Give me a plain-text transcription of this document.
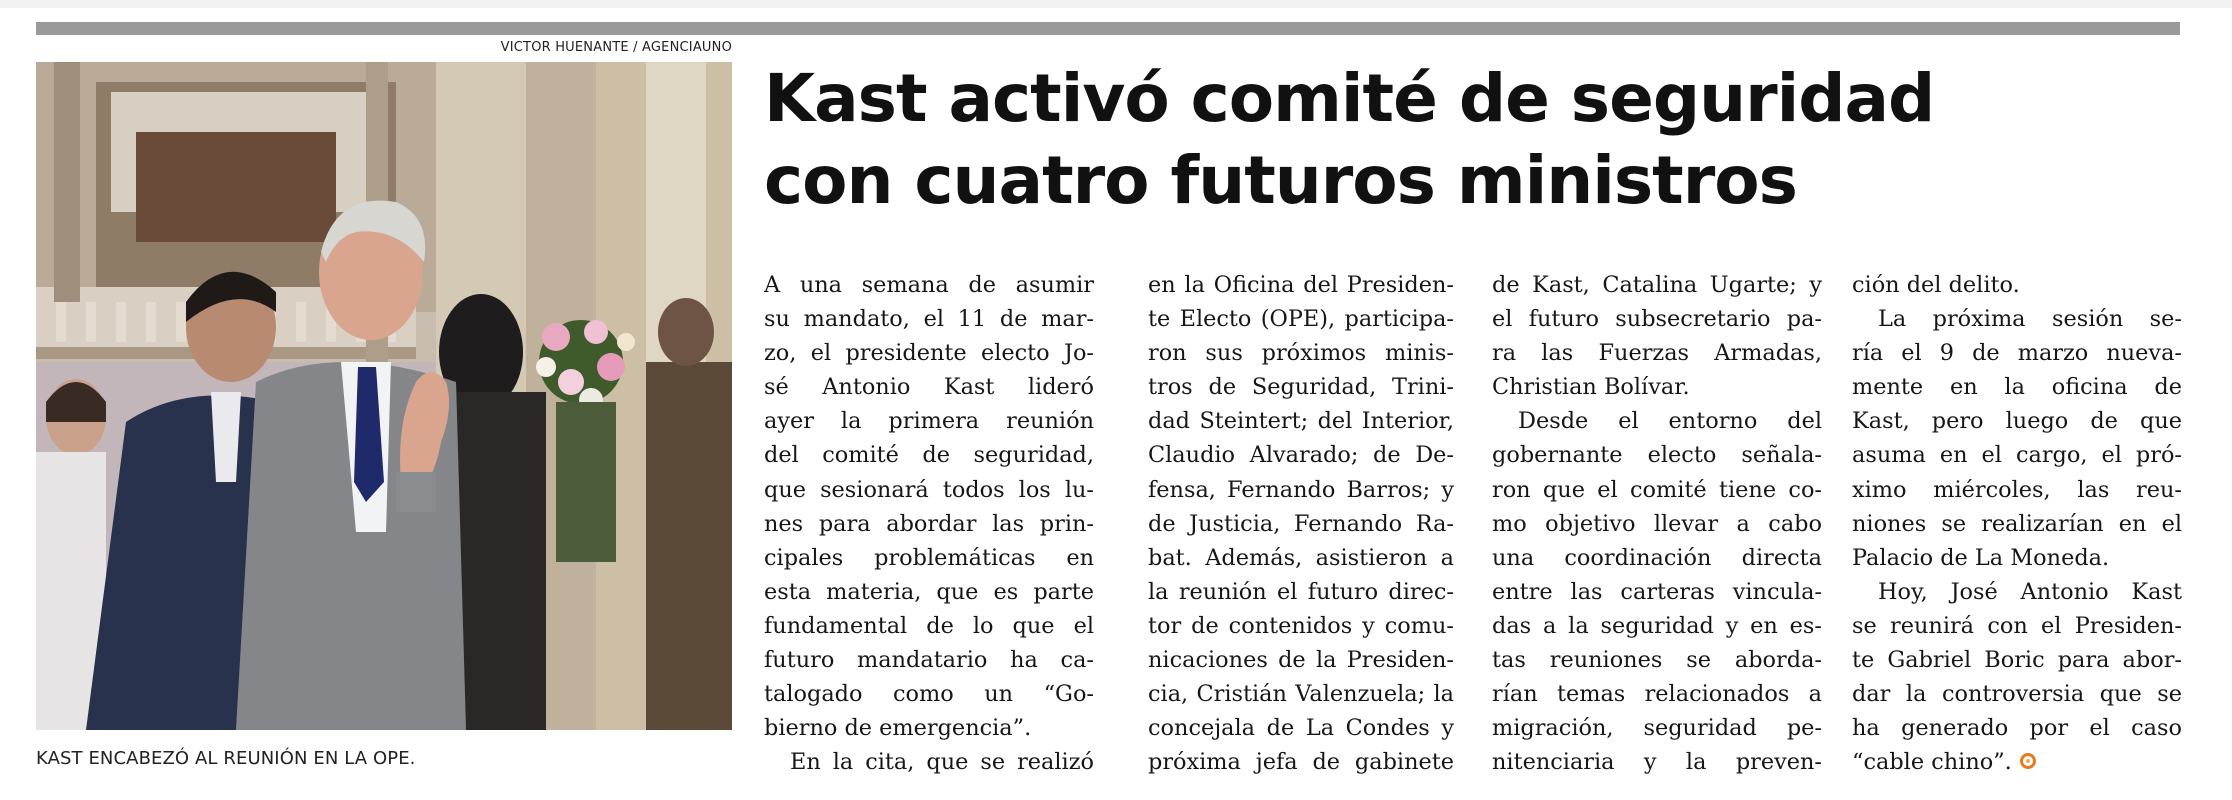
VICTOR HUENANTE / AGENCIAUNO
KAST ENCABEZÓ AL REUNIÓN EN LA OPE.
Kast activó comité de seguridad
con cuatro futuros ministros
A una semana de asumir
su mandato, el 11 de mar-
zo, el presidente electo Jo-
sé Antonio Kast lideró
ayer la primera reunión
del comité de seguridad,
que sesionará todos los lu-
nes para abordar las prin-
cipales problemáticas en
esta materia, que es parte
fundamental de lo que el
futuro mandatario ha ca-
talogado como un “Go-
bierno de emergencia”.
En la cita, que se realizó
en la Oficina del Presiden-
te Electo (OPE), participa-
ron sus próximos minis-
tros de Seguridad, Trini-
dad Steintert; del Interior,
Claudio Alvarado; de De-
fensa, Fernando Barros; y
de Justicia, Fernando Ra-
bat. Además, asistieron a
la reunión el futuro direc-
tor de contenidos y comu-
nicaciones de la Presiden-
cia, Cristián Valenzuela; la
concejala de La Condes y
próxima jefa de gabinete
de Kast, Catalina Ugarte; y
el futuro subsecretario pa-
ra las Fuerzas Armadas,
Christian Bolívar.
Desde el entorno del
gobernante electo señala-
ron que el comité tiene co-
mo objetivo llevar a cabo
una coordinación directa
entre las carteras vincula-
das a la seguridad y en es-
tas reuniones se aborda-
rían temas relacionados a
migración, seguridad pe-
nitenciaria y la preven-
ción del delito.
La próxima sesión se-
ría el 9 de marzo nueva-
mente en la oficina de
Kast, pero luego de que
asuma en el cargo, el pró-
ximo miércoles, las reu-
niones se realizarían en el
Palacio de La Moneda.
Hoy, José Antonio Kast
se reunirá con el Presiden-
te Gabriel Boric para abor-
dar la controversia que se
ha generado por el caso
“cable chino”.
